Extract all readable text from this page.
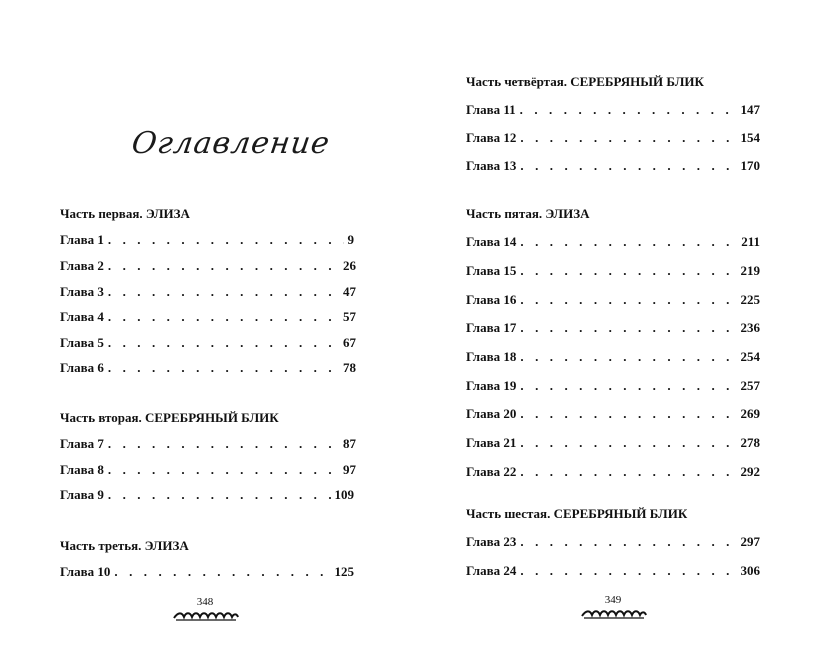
Оглавление
Часть первая. ЭЛИЗА
Глава 1 . . .	9
Глава 2 . . .	26
Глава 3 . . .	47
Глава 4 . . .	57
Глава 5 . . .	67
Глава 6 . . .	78
Часть вторая. СЕРЕБРЯНЫЙ БЛИК
Глава 7 . . .	87
Глава 8 . . .	97
Глава 9 . . .	109
Часть третья. ЭЛИЗА
Глава 10 . . .	125
348
Часть четвёртая. СЕРЕБРЯНЫЙ БЛИК
Глава 11 . . .	147
Глава 12 . . .	154
Глава 13 . . .	170
Часть пятая. ЭЛИЗА
Глава 14 . . .	211
Глава 15 . . .	219
Глава 16 . . .	225
Глава 17 . . .	236
Глава 18 . . .	254
Глава 19 . . .	257
Глава 20 . . .	269
Глава 21 . . .	278
Глава 22 . . .	292
Часть шестая. СЕРЕБРЯНЫЙ БЛИК
Глава 23 . . .	297
Глава 24 . . .	306
349
